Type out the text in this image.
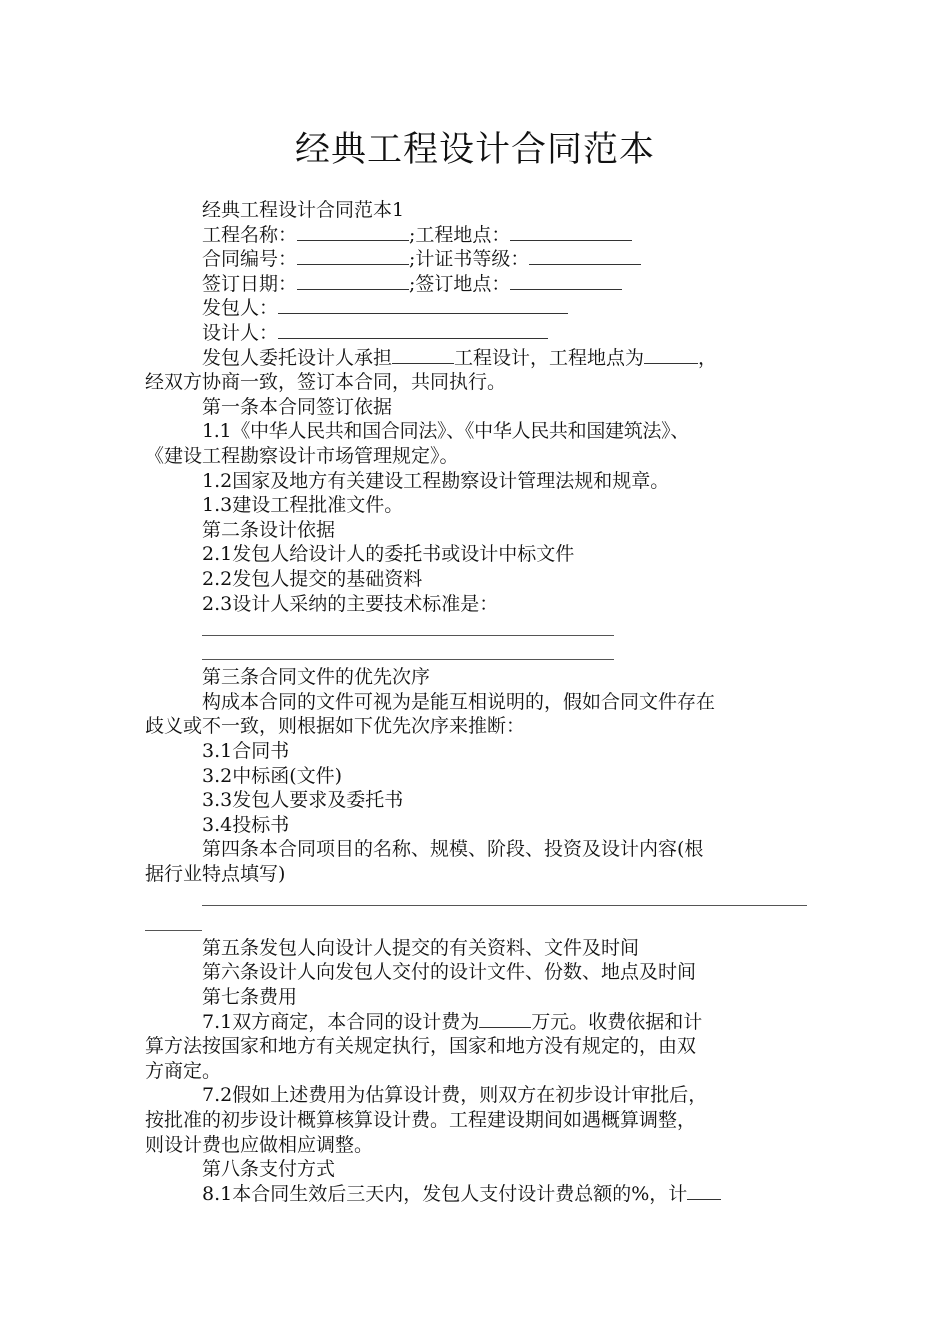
经典工程设计合同范本

经典工程设计合同范本1

工程名称：	;工程地点：

合同编号：	;计证书等级：

签订日期：	;签订地点：

发包人：

设计人：

发包人委托设计人承担	工程设计，工程地点为	，
经双方协商一致，签订本合同，共同执行。

第一条本合同签订依据

1.1《中华人民共和国合同法》、《中华人民共和国建筑法》、
《建设工程勘察设计市场管理规定》。

1.2国家及地方有关建设工程勘察设计管理法规和规章。

1.3建设工程批准文件。

第二条设计依据

2.1发包人给设计人的委托书或设计中标文件

2.2发包人提交的基础资料

2.3设计人采纳的主要技术标准是：

第三条合同文件的优先次序

构成本合同的文件可视为是能互相说明的，假如合同文件存在
歧义或不一致，则根据如下优先次序来推断：

3.1合同书

3.2中标函(文件)

3.3发包人要求及委托书

3.4投标书

第四条本合同项目的名称、规模、阶段、投资及设计内容(根
据行业特点填写)

第五条发包人向设计人提交的有关资料、文件及时间

第六条设计人向发包人交付的设计文件、份数、地点及时间

第七条费用

7.1双方商定，本合同的设计费为	万元。收费依据和计
算方法按国家和地方有关规定执行，国家和地方没有规定的，由双
方商定。

7.2假如上述费用为估算设计费，则双方在初步设计审批后，
按批准的初步设计概算核算设计费。工程建设期间如遇概算调整，
则设计费也应做相应调整。

第八条支付方式

8.1本合同生效后三天内，发包人支付设计费总额的%，计
